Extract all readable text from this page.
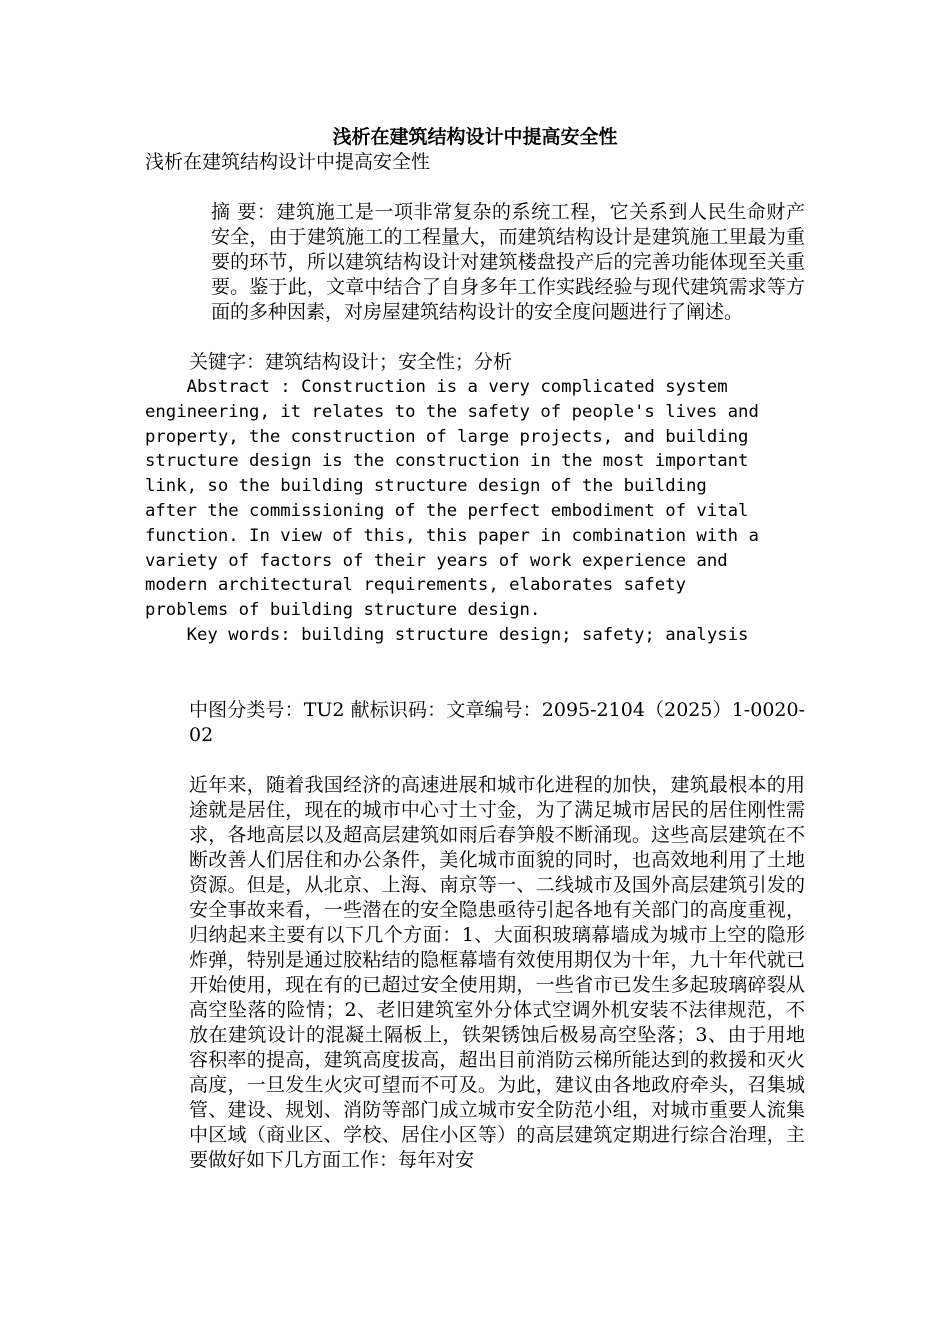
浅析在建筑结构设计中提高安全性
浅析在建筑结构设计中提高安全性
摘 要：建筑施工是一项非常复杂的系统工程，它关系到人民生命财产安全，由于建筑施工的工程量大，而建筑结构设计是建筑施工里最为重要的环节，所以建筑结构设计对建筑楼盘投产后的完善功能体现至关重要。鉴于此，文章中结合了自身多年工作实践经验与现代建筑需求等方面的多种因素，对房屋建筑结构设计的安全度问题进行了阐述。
关键字：建筑结构设计；安全性；分析
Abstract : Construction is a very complicated system
engineering, it relates to the safety of people's lives and
property, the construction of large projects, and building
structure design is the construction in the most important
link, so the building structure design of the building
after the commissioning of the perfect embodiment of vital
function. In view of this, this paper in combination with a
variety of factors of their years of work experience and
modern architectural requirements, elaborates safety
problems of building structure design.
Key words: building structure design; safety; analysis
中图分类号：TU2 献标识码：文章编号：2095-2104（2025）1-0020-02
近年来，随着我国经济的高速进展和城市化进程的加快，建筑最根本的用途就是居住，现在的城市中心寸土寸金，为了满足城市居民的居住刚性需求，各地高层以及超高层建筑如雨后春笋般不断涌现。这些高层建筑在不断改善人们居住和办公条件，美化城市面貌的同时，也高效地利用了土地资源。但是，从北京、上海、南京等一、二线城市及国外高层建筑引发的安全事故来看，一些潜在的安全隐患亟待引起各地有关部门的高度重视，归纳起来主要有以下几个方面：1、大面积玻璃幕墙成为城市上空的隐形炸弹，特别是通过胶粘结的隐框幕墙有效使用期仅为十年，九十年代就已开始使用，现在有的已超过安全使用期，一些省市已发生多起玻璃碎裂从高空坠落的险情；2、老旧建筑室外分体式空调外机安装不法律规范，不放在建筑设计的混凝土隔板上，铁架锈蚀后极易高空坠落；3、由于用地容积率的提高，建筑高度拔高，超出目前消防云梯所能达到的救援和灭火高度，一旦发生火灾可望而不可及。为此，建议由各地政府牵头，召集城管、建设、规划、消防等部门成立城市安全防范小组，对城市重要人流集中区域（商业区、学校、居住小区等）的高层建筑定期进行综合治理，主要做好如下几方面工作：每年对安
